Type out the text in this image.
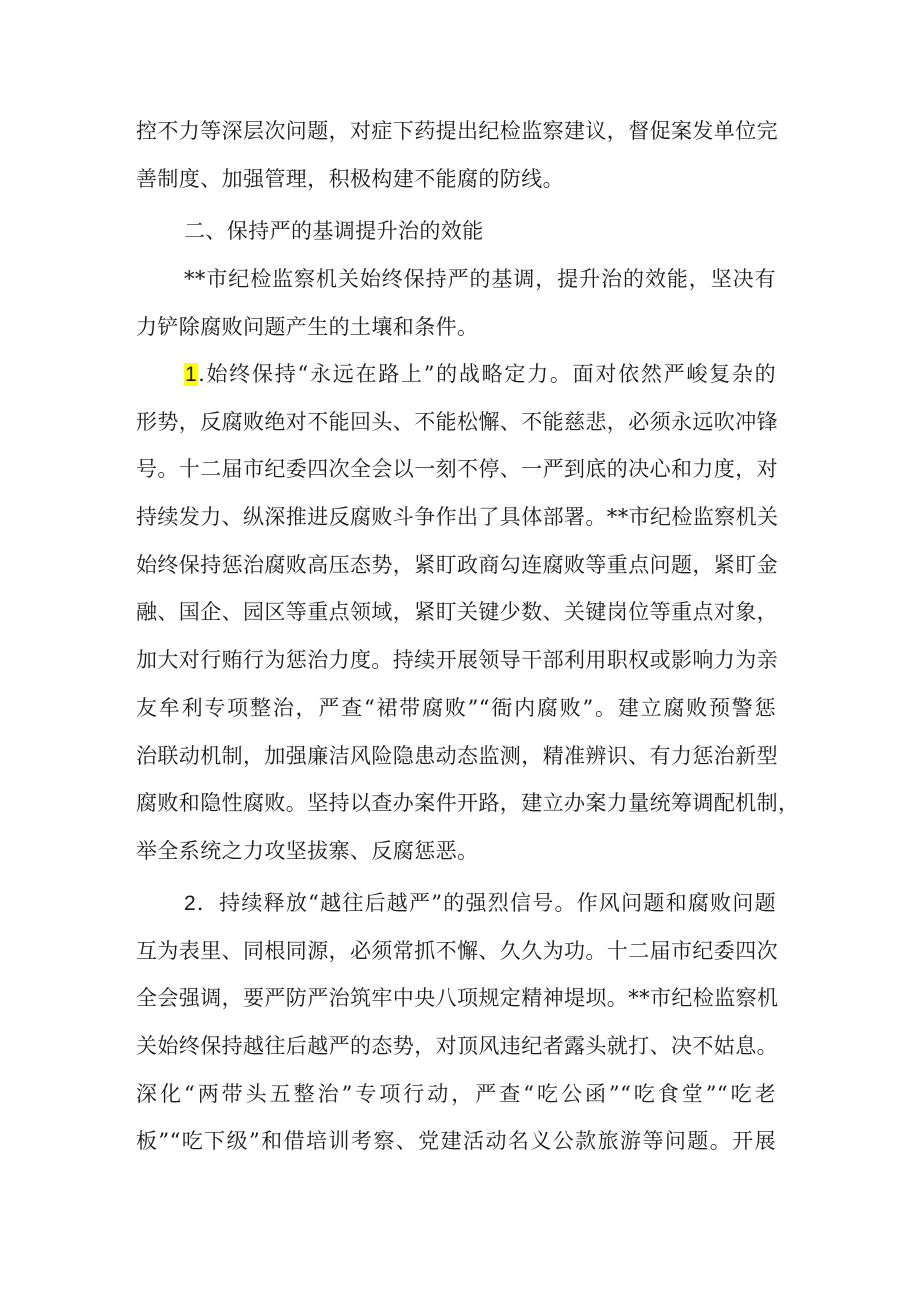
控不力等深层次问题，对症下药提出纪检监察建议，督促案发单位完
善制度、加强管理，积极构建不能腐的防线。
二、保持严的基调提升治的效能
**市纪检监察机关始终保持严的基调，提升治的效能，坚决有
力铲除腐败问题产生的土壤和条件。
1.始终保持“永远在路上”的战略定力。面对依然严峻复杂的
形势，反腐败绝对不能回头、不能松懈、不能慈悲，必须永远吹冲锋
号。十二届市纪委四次全会以一刻不停、一严到底的决心和力度，对
持续发力、纵深推进反腐败斗争作出了具体部署。**市纪检监察机关
始终保持惩治腐败高压态势，紧盯政商勾连腐败等重点问题，紧盯金
融、国企、园区等重点领域，紧盯关键少数、关键岗位等重点对象，
加大对行贿行为惩治力度。持续开展领导干部利用职权或影响力为亲
友牟利专项整治，严查“裙带腐败”“衙内腐败”。建立腐败预警惩
治联动机制，加强廉洁风险隐患动态监测，精准辨识、有力惩治新型
腐败和隐性腐败。坚持以查办案件开路，建立办案力量统筹调配机制，
举全系统之力攻坚拔寨、反腐惩恶。
2．持续释放“越往后越严”的强烈信号。作风问题和腐败问题
互为表里、同根同源，必须常抓不懈、久久为功。十二届市纪委四次
全会强调，要严防严治筑牢中央八项规定精神堤坝。**市纪检监察机
关始终保持越往后越严的态势，对顶风违纪者露头就打、决不姑息。
深化“两带头五整治”专项行动，严查“吃公函”“吃食堂”“吃老
板”“吃下级”和借培训考察、党建活动名义公款旅游等问题。开展
